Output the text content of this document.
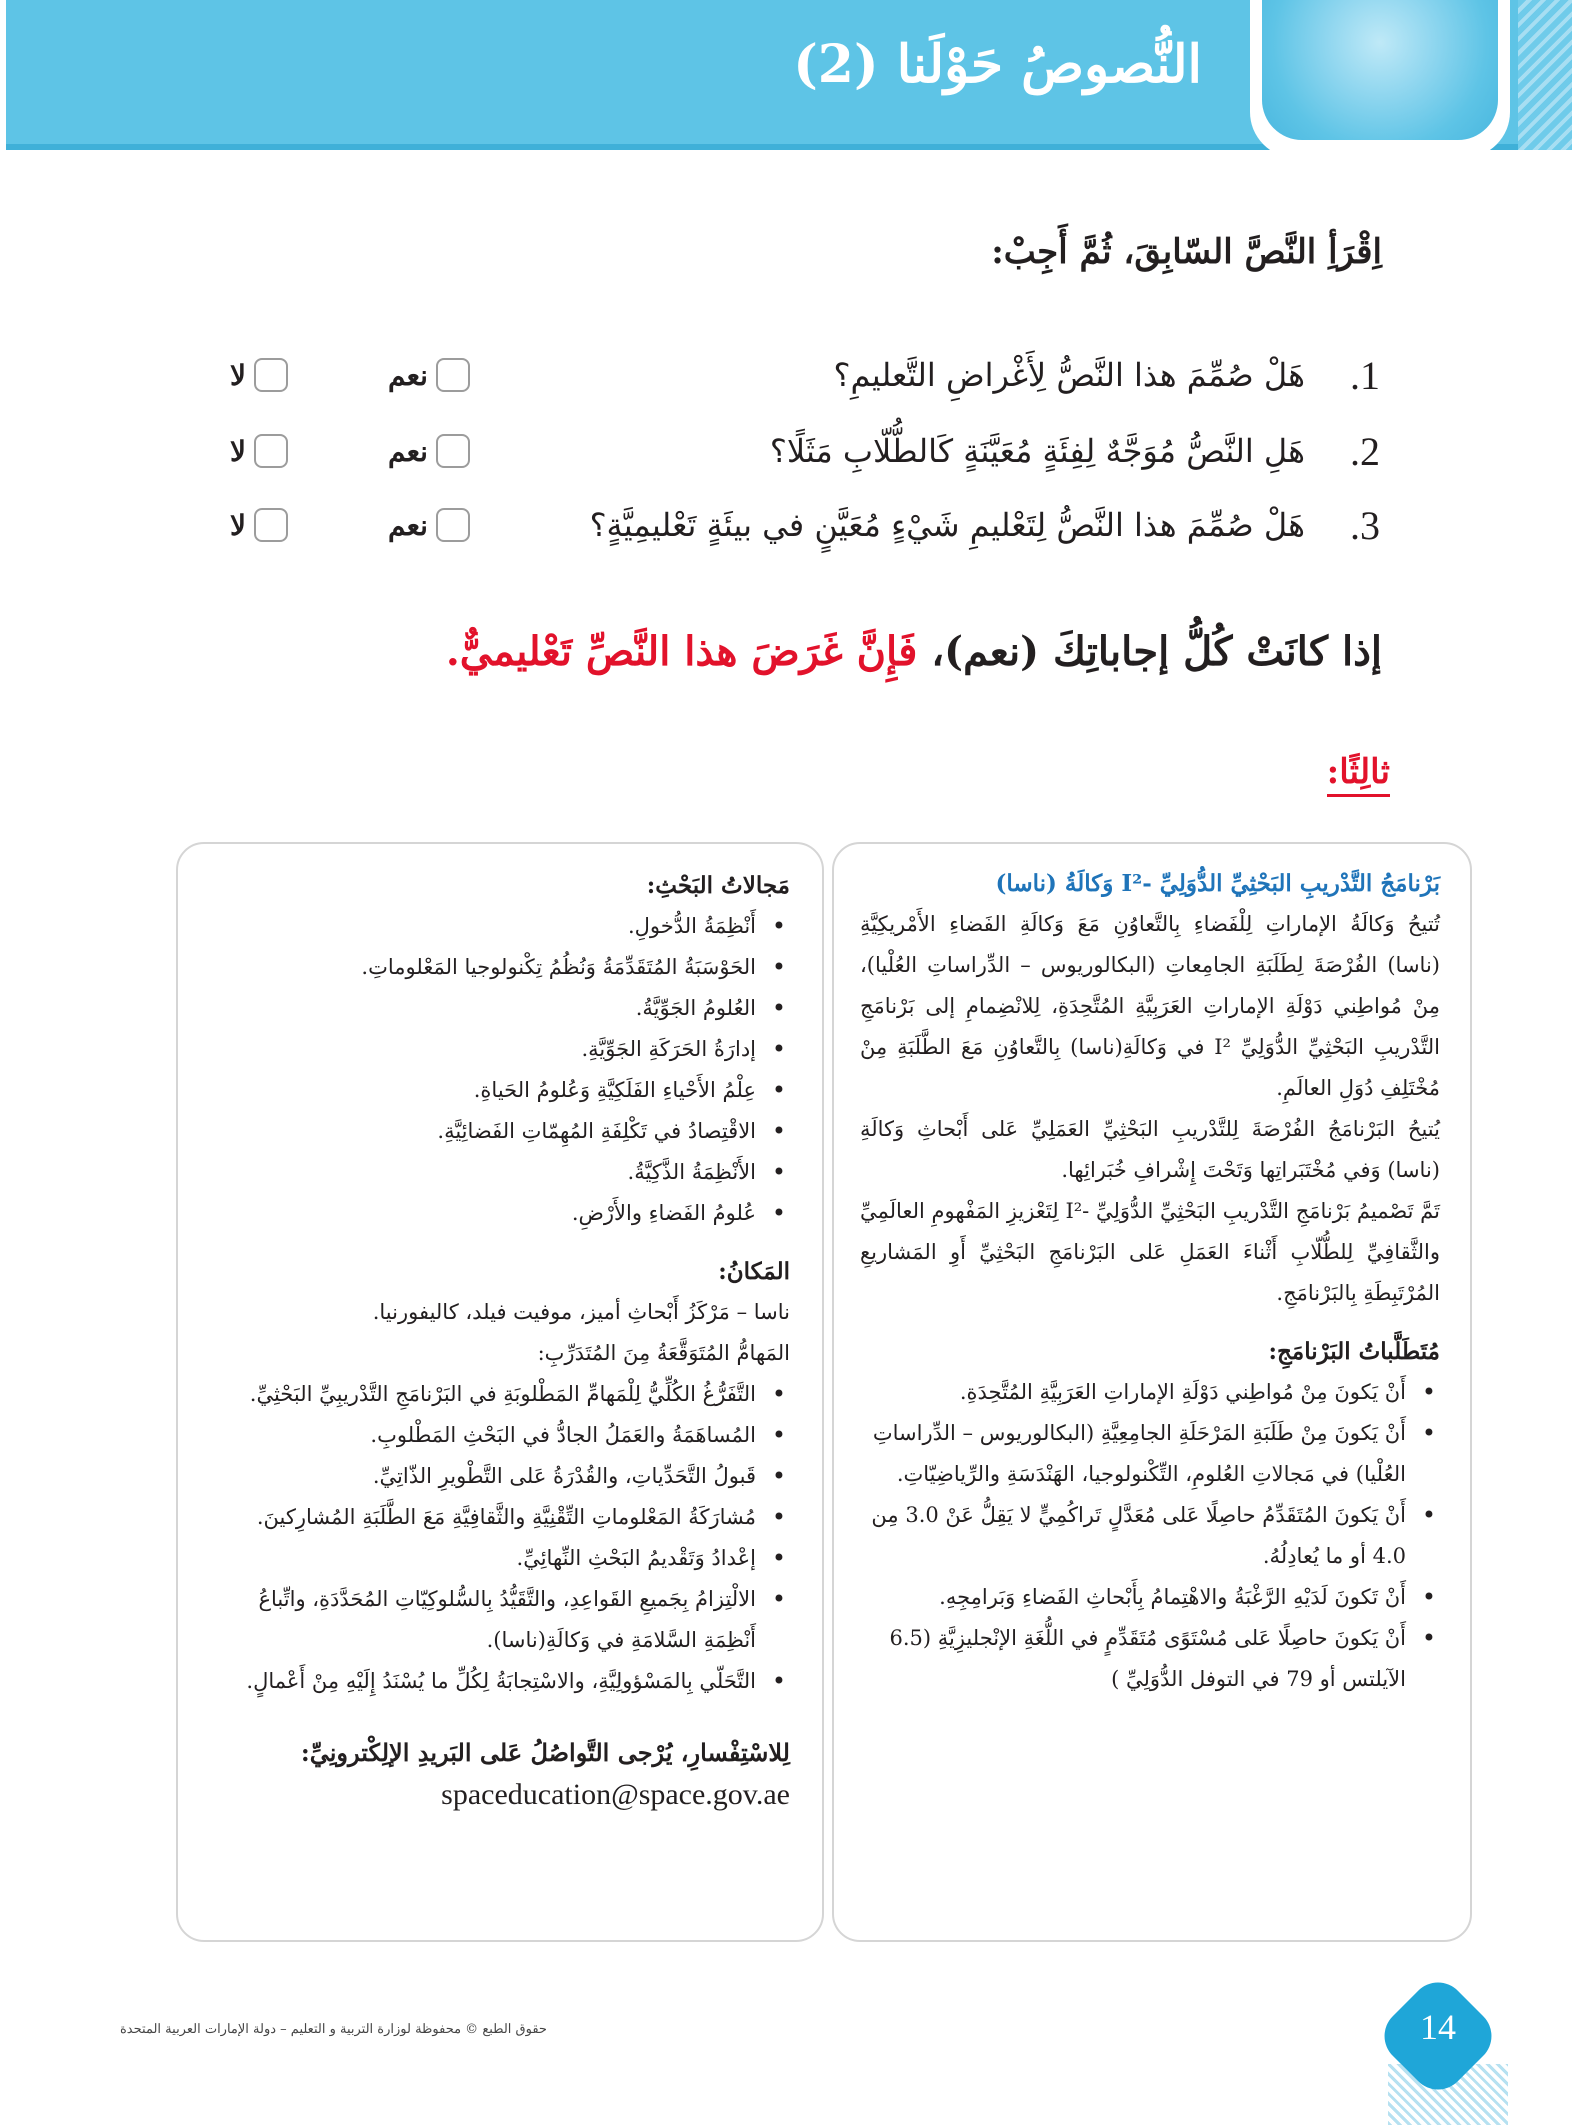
النُّصوصُ حَوْلَنا (2)
اِقْرَأِ النَّصَّ السّابِقَ، ثُمَّ أَجِبْ:
1.
هَلْ صُمِّمَ هذا النَّصُّ لِأَغْراضِ التَّعليمِ؟
نعم
لا
2.
هَلِ النَّصُّ مُوَجَّهٌ لِفِئَةٍ مُعَيَّنَةٍ كَالطُّلّابِ مَثَلًا؟
نعم
لا
3.
هَلْ صُمِّمَ هذا النَّصُّ لِتَعْليمِ شَيْءٍ مُعَيَّنٍ في بيئَةٍ تَعْليمِيَّةٍ؟
نعم
لا
إذا كانَتْ كُلُّ إجاباتِكَ (نعم)، فَإِنَّ غَرَضَ هذا النَّصِّ تَعْليميٌّ.
ثالِثًا:
بَرْنامَجُ التَّدْريبِ البَحْثِيِّ الدُّوَلِيِّ -I² وَكالَةُ (ناسا)

تُتيحُ وَكالَةُ الإماراتِ لِلْفَضاءِ بِالتَّعاوُنِ مَعَ وَكالَةِ الفَضاءِ الأَمْريكِيَّةِ (ناسا) الفُرْصَةَ لِطَلَبَةِ الجامِعاتِ (البكالوريوس – الدِّراساتِ العُلْيا)، مِنْ مُواطِني دَوْلَةِ الإماراتِ العَرَبِيَّةِ المُتَّحِدَةِ، لِلانْضِمامِ إلى بَرْنامَجِ التَّدْريبِ البَحْثِيِّ الدُّوَلِيِّ I² في وَكالَةِ(ناسا) بِالتَّعاوُنِ مَعَ الطَّلَبَةِ مِنْ مُخْتَلِفِ دُوَلِ العالَمِ.

يُتيحُ البَرْنامَجُ الفُرْصَةَ لِلتَّدْريبِ البَحْثِيِّ العَمَلِيِّ عَلى أَبْحاثِ وَكالَةِ (ناسا) وَفي مُخْتَبَراتِها وَتَحْتَ إِشْرافِ خُبَرائِها.

تَمَّ تَصْميمُ بَرْنامَجِ التَّدْريبِ البَحْثِيِّ الدُّوَلِيِّ -I² لِتَعْزيزِ المَفْهومِ العالَمِيِّ والثَّقافِيِّ لِلطُّلّابِ أَثْناءَ العَمَلِ عَلى البَرْنامَجِ البَحْثِيِّ أَوِ المَشاريعِ المُرْتَبِطَةِ بِالبَرْنامَجِ.

مُتَطَلَّباتُ البَرْنامَجِ:
• أَنْ يَكونَ مِنْ مُواطِني دَوْلَةِ الإماراتِ العَرَبِيَّةِ المُتَّحِدَةِ.
• أَنْ يَكونَ مِنْ طَلَبَةِ المَرْحَلَةِ الجامِعِيَّةِ (البكالوريوس – الدِّراساتِ العُلْيا) في مَجالاتِ العُلومِ، التِّكْنولوجيا، الهَنْدَسَةِ والرِّياضِيّاتِ.
• أَنْ يَكونَ المُتَقَدِّمُ حاصِلًا عَلى مُعَدَّلٍ تَراكُمِيٍّ لا يَقِلُّ عَنْ 3.0 مِن 4.0 أو ما يُعادِلُهُ.
• أَنْ تَكونَ لَدَيْهِ الرَّغْبَةُ والاهْتِمامُ بِأَبْحاثِ الفَضاءِ وَبَرامِجِهِ.
• أَنْ يَكونَ حاصِلًا عَلى مُسْتَوًى مُتَقَدِّمٍ في اللُّغَةِ الإنْجليزِيَّةِ (6.5 الآيلتس أو 79 في التوفل الدُّوَلِيِّ )
مَجالاتُ البَحْثِ:
• أَنْظِمَةُ الدُّخولِ.
• الحَوْسَبَةُ المُتَقَدِّمَةُ وَنُظُمُ تِكْنولوجيا المَعْلوماتِ.
• العُلومُ الجَوِّيَّةُ.
• إدارَةُ الحَرَكَةِ الجَوِّيَّةِ.
• عِلْمُ الأَحْياءِ الفَلَكِيَّةِ وَعُلومُ الحَياةِ.
• الاقْتِصادُ في تَكْلِفَةِ المُهِمّاتِ الفَضائِيَّةِ.
• الأَنْظِمَةُ الذَّكِيَّةُ.
• عُلومُ الفَضاءِ والأَرْضِ.
المَكانُ:

ناسا – مَرْكَزُ أَبْحاثِ أميز، موفيت فيلد، كاليفورنيا.

المَهامُّ المُتَوَقَّعَةُ مِنَ المُتَدَرِّبِ:

• التَّفَرُّغُ الكُلِّيُّ لِلْمَهامِّ المَطْلوبَةِ في البَرْنامَجِ التَّدْريبِيِّ البَحْثِيِّ.
• المُساهَمَةُ والعَمَلُ الجادُّ في البَحْثِ المَطْلوبِ.
• قَبولُ التَّحَدِّياتِ، والقُدْرَةُ عَلى التَّطْويرِ الذّاتِيِّ.
• مُشارَكَةُ المَعْلوماتِ التِّقْنِيَّةِ والثَّقافِيَّةِ مَعَ الطَّلَبَةِ المُشارِكينَ.
• إعْدادُ وَتَقْديمُ البَحْثِ النِّهائِيِّ.
• الالْتِزامُ بِجَميعِ القَواعِدِ، والتَّقَيُّدُ بِالسُّلوكِيّاتِ المُحَدَّدَةِ، واتِّباعُ أَنْظِمَةِ السَّلامَةِ في وَكالَةِ(ناسا).
• التَّحَلّي بِالمَسْؤولِيَّةِ، والاسْتِجابَةُ لِكُلِّ ما يُسْنَدُ إِلَيْهِ مِنْ أَعْمالٍ.

لِلاسْتِفْسارِ، يُرْجى التَّواصُلُ عَلى البَريدِ الإلِكْترونِيِّ:

spaceducation@space.gov.ae

حقوق الطبع © محفوظة لوزارة التربية و التعليم – دولة الإمارات العربية المتحدة	14
